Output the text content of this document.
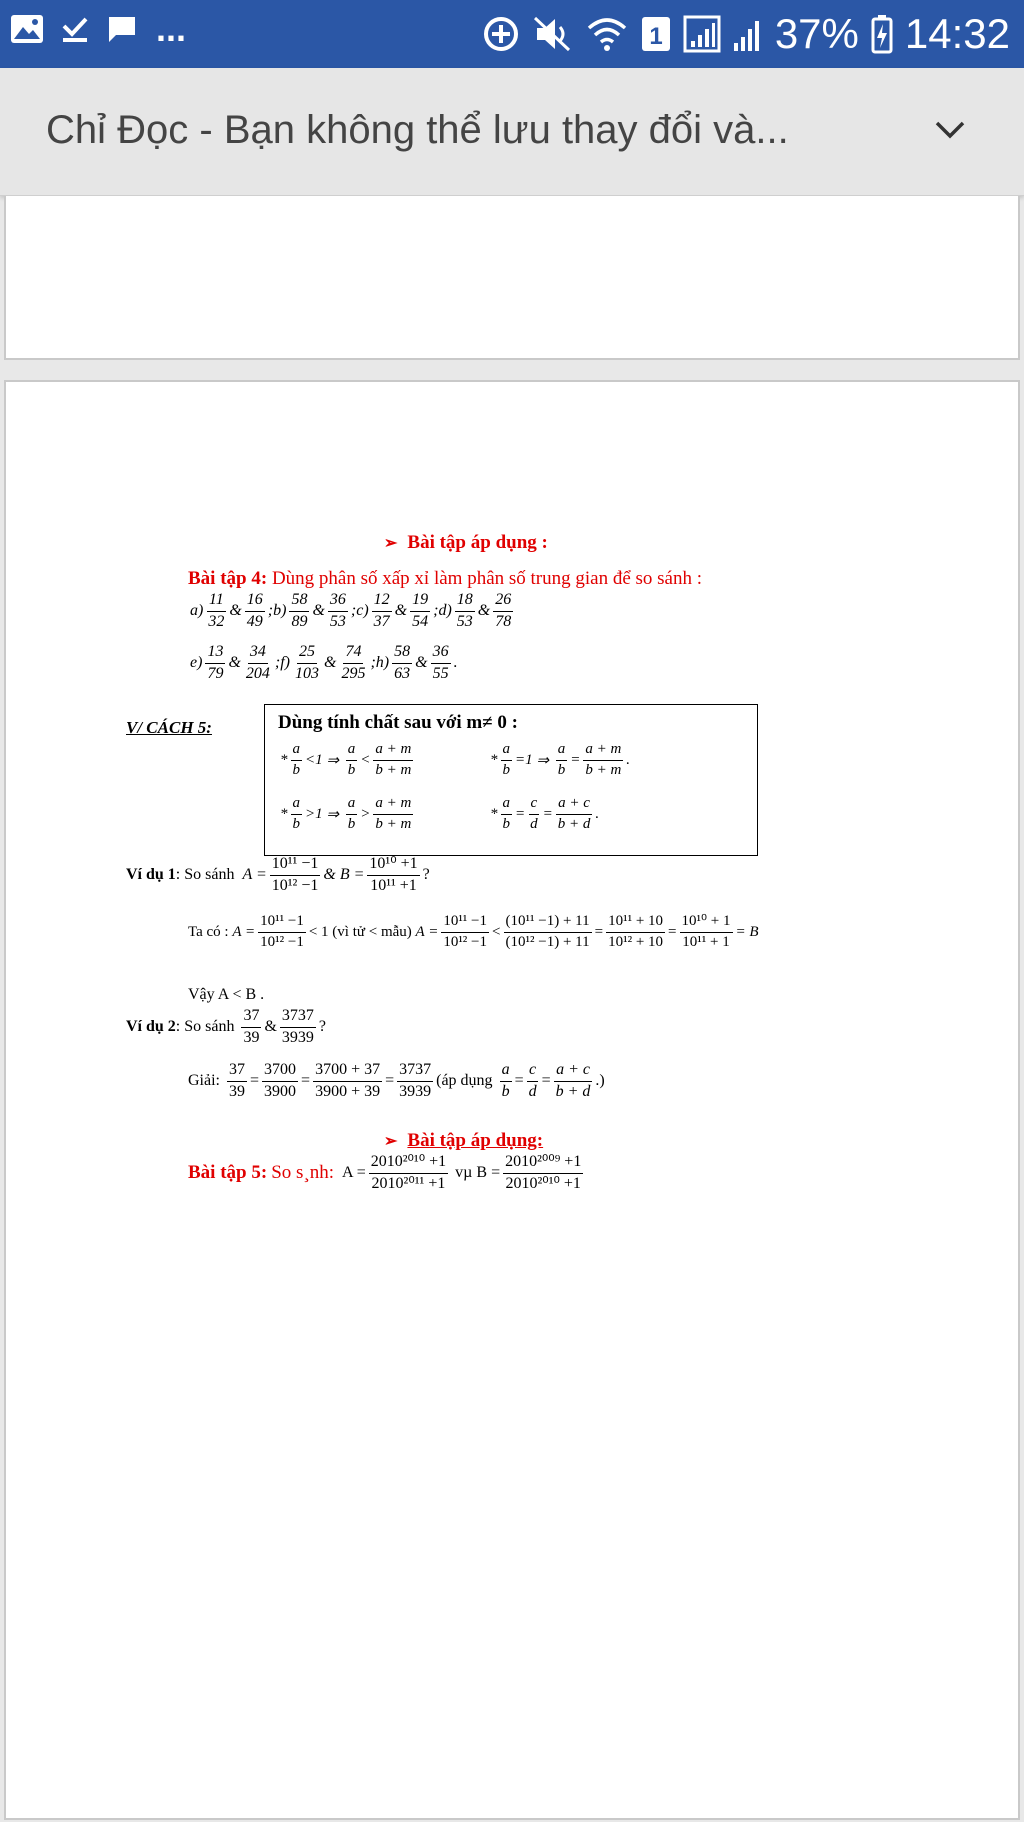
...	1	37% 14:32
Chỉ Đọc - Bạn không thể lưu thay đổi và...
➢ Bài tập áp dụng :
Bài tập 4: Dùng phân số xấp xỉ làm phân số trung gian để so sánh :
$a) \frac{11}{32}$ & $\frac{16}{49}$ ;b) $\frac{58}{89}$ & $\frac{36}{53}$ ;c) $\frac{12}{37}$ & $\frac{19}{54}$ ;d) $\frac{18}{53}$ & $\frac{26}{78}$
$e) \frac{13}{79}$ & $\frac{34}{204}$ ;f) $\frac{25}{103}$ & $\frac{74}{295}$ ;h) $\frac{58}{63}$ & $\frac{36}{55}$ .
V/ CÁCH 5:	Dùng tính chất sau với m≠ 0 :
* $\frac{a}{b} <1$
⇒
$\frac{a}{b} < \frac{a + m}{b + m}$	* $\frac{a}{b} =1$
⇒
$\frac{a}{b} = \frac{a + m}{b + m}$ .
* $\frac{a}{b} >1$
⇒
$\frac{a}{b} > \frac{a + m}{b + m}$	* $\frac{a}{b} = \frac{c}{d} = \frac{a + c}{b + d}$ .
Ví dụ 1 : So sánh
$A = \frac{\text{10¹¹ −1}}{\text{10¹² −1}}$ & $B = \frac{\text{10¹⁰ +1}}{\text{10¹¹ +1}}$ ?
Ta có :
$A = \frac{\text{10¹¹ −1}}{\text{10¹² −1}} < 1$ (vì tử < mẫu)
$A = \frac{\text{10¹¹ −1}}{\text{10¹² −1}} < \frac{\text{(10¹¹ −1) + 11}}{\text{(10¹² −1) + 11}} = \frac{\text{10¹¹ + 10}}{\text{10¹² + 10}} = \frac{\text{10¹⁰ + 1}}{\text{10¹¹ + 1}} = B$
Vậy A < B .
Ví dụ 2 : So sánh
$\frac{37}{39}$ & $\frac{3737}{3939}$ ?
Giải:
$\frac{37}{39} = \frac{3700}{3900} = \frac{3700 + 37}{3900 + 39} = \frac{3737}{3939}$ (áp dụng
$\frac{a}{b} = \frac{c}{d} = \frac{a + c}{b + d}$ .)
➢ Bài tập áp dụng:
Bài tập 5:
So s¸nh:
$A = \frac{\text{2010²⁰¹⁰ +1}}{\text{2010²⁰¹¹ +1}}$
vµ
$B = \frac{\text{2010²⁰⁰⁹ +1}}{\text{2010²⁰¹⁰ +1}}$
